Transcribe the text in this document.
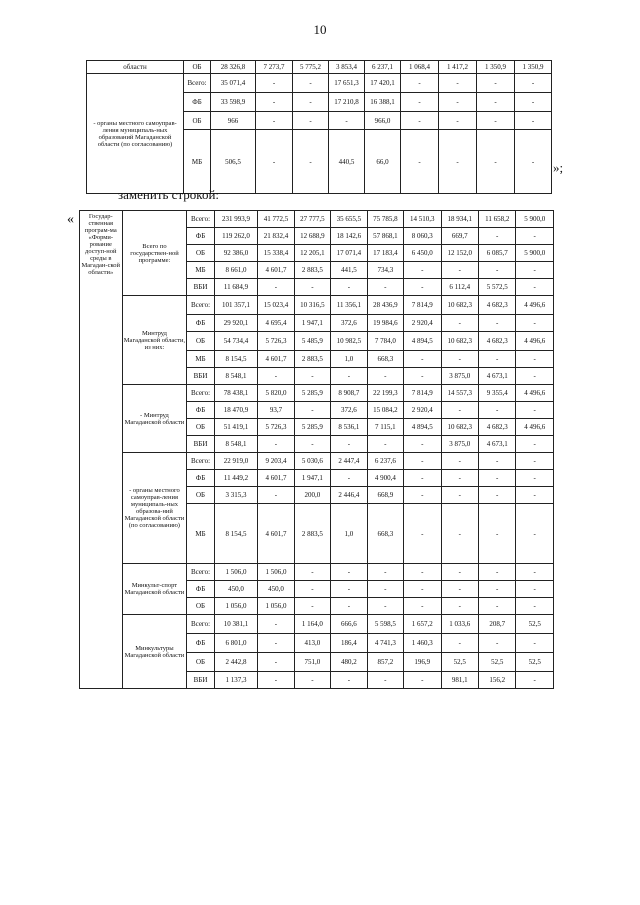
10
областн	ОБ	28 326,8	7 273,7	5 775,2	3 853,4	6 237,1	1 068,4	1 417,2	1 350,9	1 350,9
- органы местного самоуправ-ления муниципаль-ных образований Магаданской области (по согласованию)	Всего:	35 071,4	-	-	17 651,3	17 420,1	-	-	-	-
	ФБ	33 598,9	-	-	17 210,8	16 388,1	-	-	-	-
	ОБ	966	-	-	-	966,0	-	-	-	-
	МБ	506,5	-	-	440,5	66,0	-	-	-	- »;
заменить строкой:
« Государ-ственная програм-ма «Форми-рование доступ-ной среды в Магадан-ской области»	Всего по государствен-ной программе:	Всего:	231 993,9	41 772,5	27 777,5	35 655,5	75 785,8	14 510,3	18 934,1	11 658,2	5 900,0
		ФБ	119 262,0	21 832,4	12 688,9	18 142,6	57 868,1	8 060,3	669,7	-	-
		ОБ	92 386,0	15 338,4	12 205,1	17 071,4	17 183,4	6 450,0	12 152,0	6 085,7	5 900,0
		МБ	8 661,0	4 601,7	2 883,5	441,5	734,3	-	-	-	-
		ВБИ	11 684,9	-	-	-	-	-	6 112,4	5 572,5	-
	Минтруд Магаданской области, из них:	Всего:	101 357,1	15 023,4	10 316,5	11 356,1	28 436,9	7 814,9	10 682,3	4 682,3	4 496,6
		ФБ	29 920,1	4 695,4	1 947,1	372,6	19 984,6	2 920,4	-	-	-
		ОБ	54 734,4	5 726,3	5 485,9	10 982,5	7 784,0	4 894,5	10 682,3	4 682,3	4 496,6
		МБ	8 154,5	4 601,7	2 883,5	1,0	668,3	-	-	-	-
		ВБИ	8 548,1	-	-	-	-	-	3 875,0	4 673,1	-
	- Минтруд Магаданской области	Всего:	78 438,1	5 820,0	5 285,9	8 908,7	22 199,3	7 814,9	14 557,3	9 355,4	4 496,6
		ФБ	18 470,9	93,7	-	372,6	15 084,2	2 920,4	-	-	-
		ОБ	51 419,1	5 726,3	5 285,9	8 536,1	7 115,1	4 894,5	10 682,3	4 682,3	4 496,6
		ВБИ	8 548,1	-	-	-	-	-	3 875,0	4 673,1	-
	- органы местного самоуправ-ления муниципаль-ных образова-ний Магаданской области (по согласованию)	Всего:	22 919,0	9 203,4	5 030,6	2 447,4	6 237,6	-	-	-	-
		ФБ	11 449,2	4 601,7	1 947,1	-	4 900,4	-	-	-	-
		ОБ	3 315,3	-	200,0	2 446,4	668,9	-	-	-	-
		МБ	8 154,5	4 601,7	2 883,5	1,0	668,3	-	-	-	-
	Минкульт-спорт Магаданской области	Всего:	1 506,0	1 506,0	-	-	-	-	-	-	-
		ФБ	450,0	450,0	-	-	-	-	-	-	-
		ОБ	1 056,0	1 056,0	-	-	-	-	-	-	-
	Минкультуры Магаданской области	Всего:	10 381,1	-	1 164,0	666,6	5 598,5	1 657,2	1 033,6	208,7	52,5
		ФБ	6 801,0	-	413,0	186,4	4 741,3	1 460,3	-	-	-
		ОБ	2 442,8	-	751,0	480,2	857,2	196,9	52,5	52,5	52,5
		ВБИ	1 137,3	-	-	-	-	-	981,1	156,2	-
